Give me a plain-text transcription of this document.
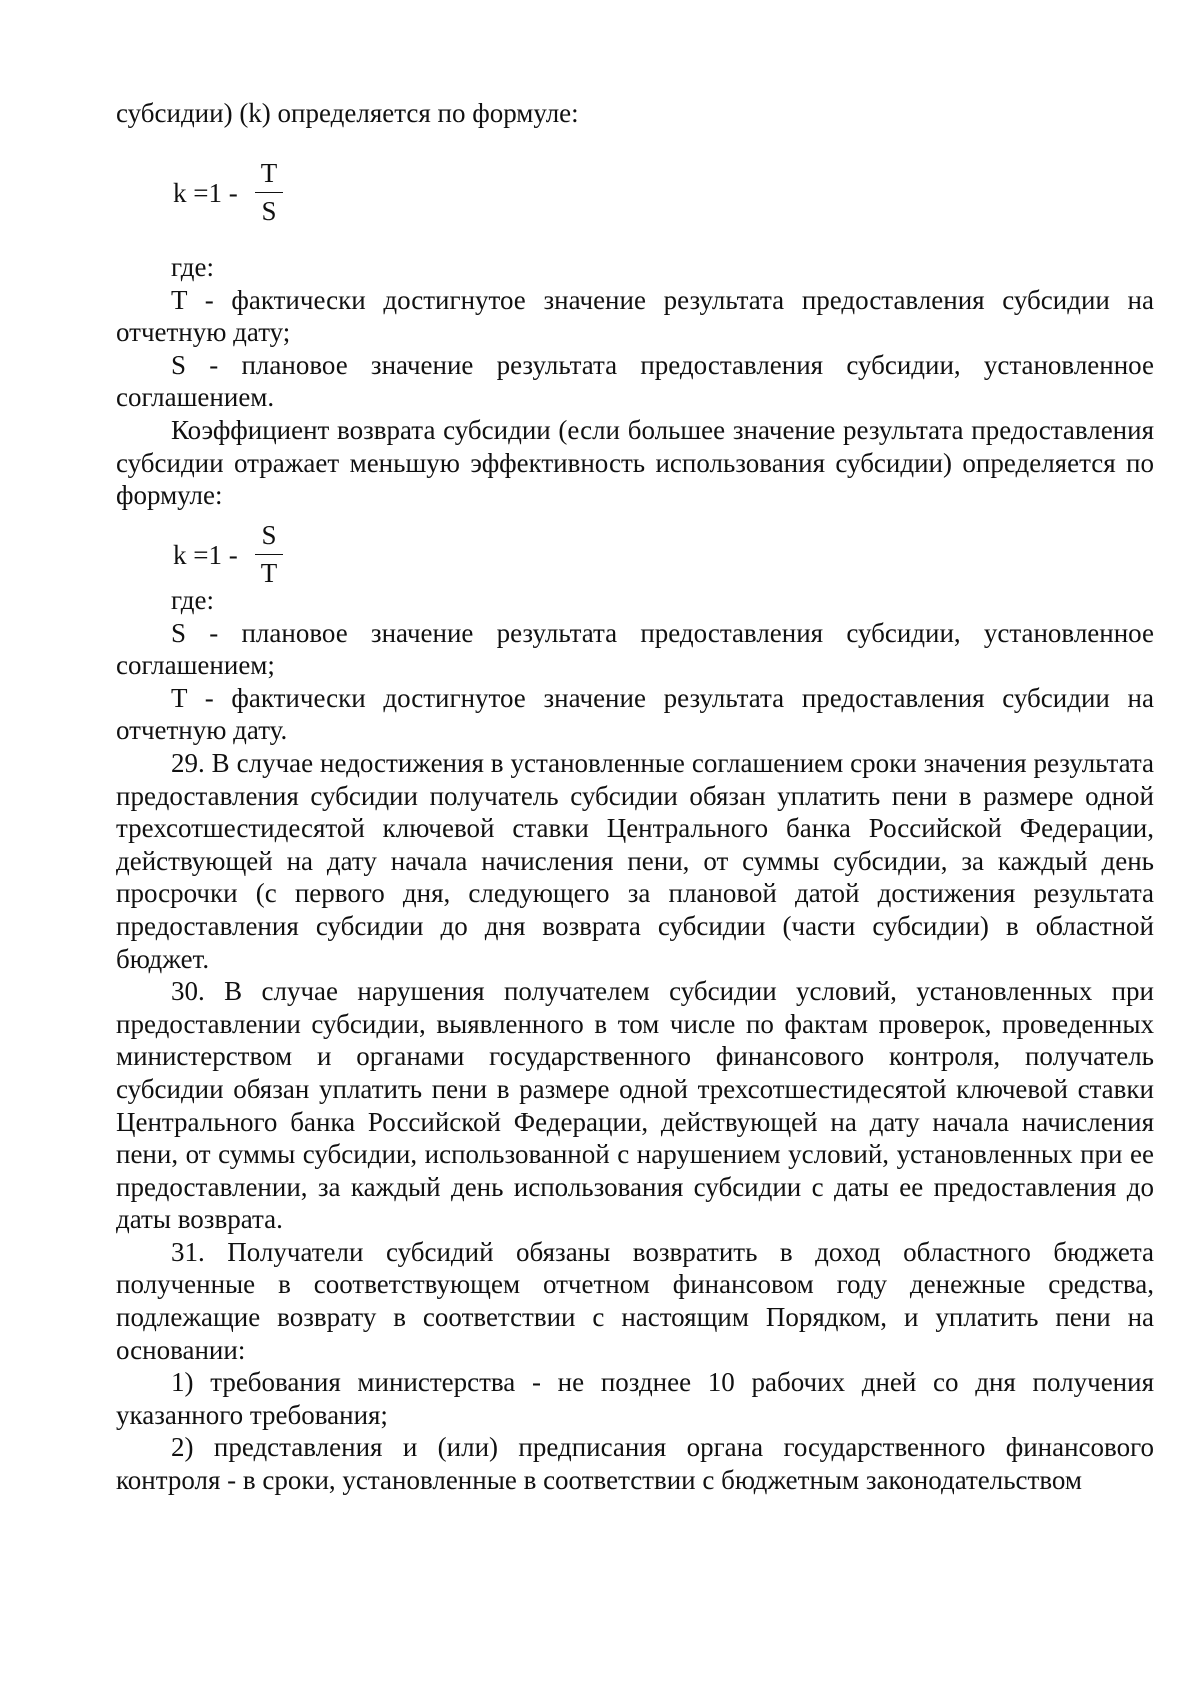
субсидии) (k) определяется по формуле:

k =1 -
T
S

где:

T - фактически достигнутое значение результата предоставления субсидии на отчетную дату;

S - плановое значение результата предоставления субсидии, установленное соглашением.

Коэффициент возврата субсидии (если большее значение результата предоставления субсидии отражает меньшую эффективность использования субсидии) определяется по формуле:

k =1 -
S
T

где:

S - плановое значение результата предоставления субсидии, установленное соглашением;

T - фактически достигнутое значение результата предоставления субсидии на отчетную дату.

29. В случае недостижения в установленные соглашением сроки значения результата предоставления субсидии получатель субсидии обязан уплатить пени в размере одной трехсотшестидесятой ключевой ставки Центрального банка Российской Федерации, действующей на дату начала начисления пени, от суммы субсидии, за каждый день просрочки (с первого дня, следующего за плановой датой достижения результата предоставления субсидии до дня возврата субсидии (части субсидии) в областной бюджет.

30. В случае нарушения получателем субсидии условий, установленных при предоставлении субсидии, выявленного в том числе по фактам проверок, проведенных министерством и органами государственного финансового контроля, получатель субсидии обязан уплатить пени в размере одной трехсотшестидесятой ключевой ставки Центрального банка Российской Федерации, действующей на дату начала начисления пени, от суммы субсидии, использованной с нарушением условий, установленных при ее предоставлении, за каждый день использования субсидии с даты ее предоставления до даты возврата.

31. Получатели субсидий обязаны возвратить в доход областного бюджета полученные в соответствующем отчетном финансовом году денежные средства, подлежащие возврату в соответствии с настоящим Порядком, и уплатить пени на основании:

1) требования министерства - не позднее 10 рабочих дней со дня получения указанного требования;

2) представления и (или) предписания органа государственного финансового контроля - в сроки, установленные в соответствии с бюджетным законодательством
